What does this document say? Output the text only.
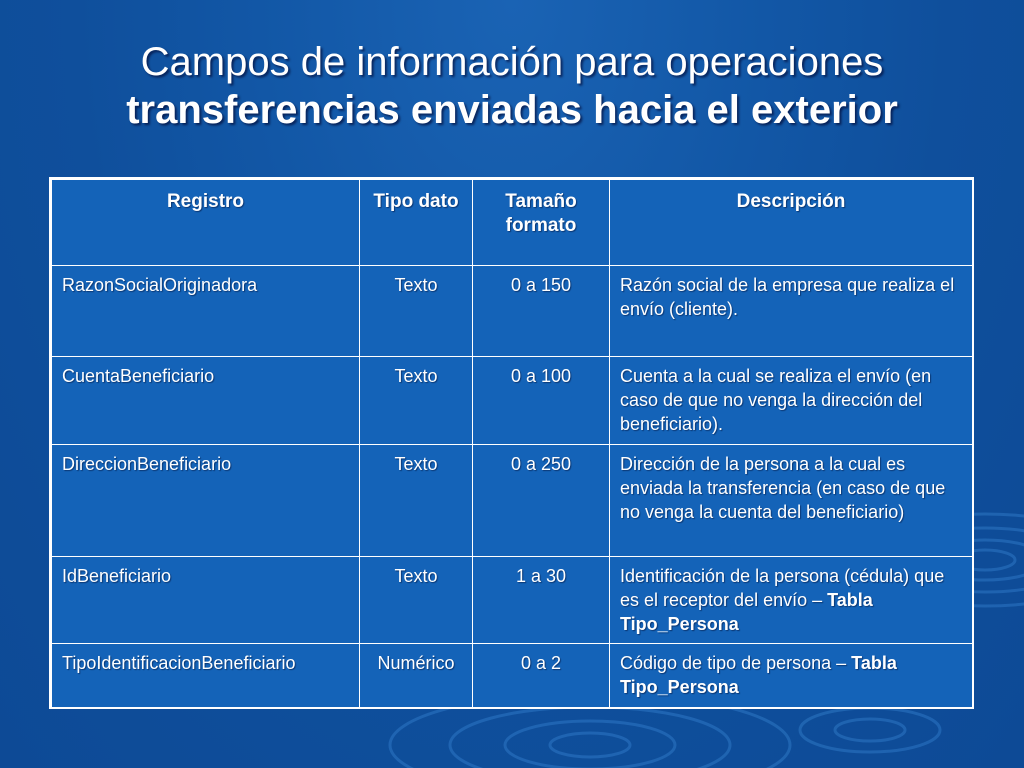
Campos de información para operaciones
transferencias enviadas hacia el exterior
Registro	Tipo dato	Tamaño formato	Descripción
RazonSocialOriginadora	Texto	0 a 150	Razón social de la empresa que realiza el envío (cliente).
CuentaBeneficiario	Texto	0 a 100	Cuenta a la cual se realiza el envío (en caso de que no venga la dirección del beneficiario).
DireccionBeneficiario	Texto	0 a 250	Dirección de la persona a la cual es enviada la transferencia (en caso de que no venga la cuenta del beneficiario)
IdBeneficiario	Texto	1 a 30	Identificación de la persona (cédula) que es el receptor del envío – Tabla Tipo_Persona
TipoIdentificacionBeneficiario	Numérico	0 a 2	Código de tipo de persona – Tabla Tipo_Persona
